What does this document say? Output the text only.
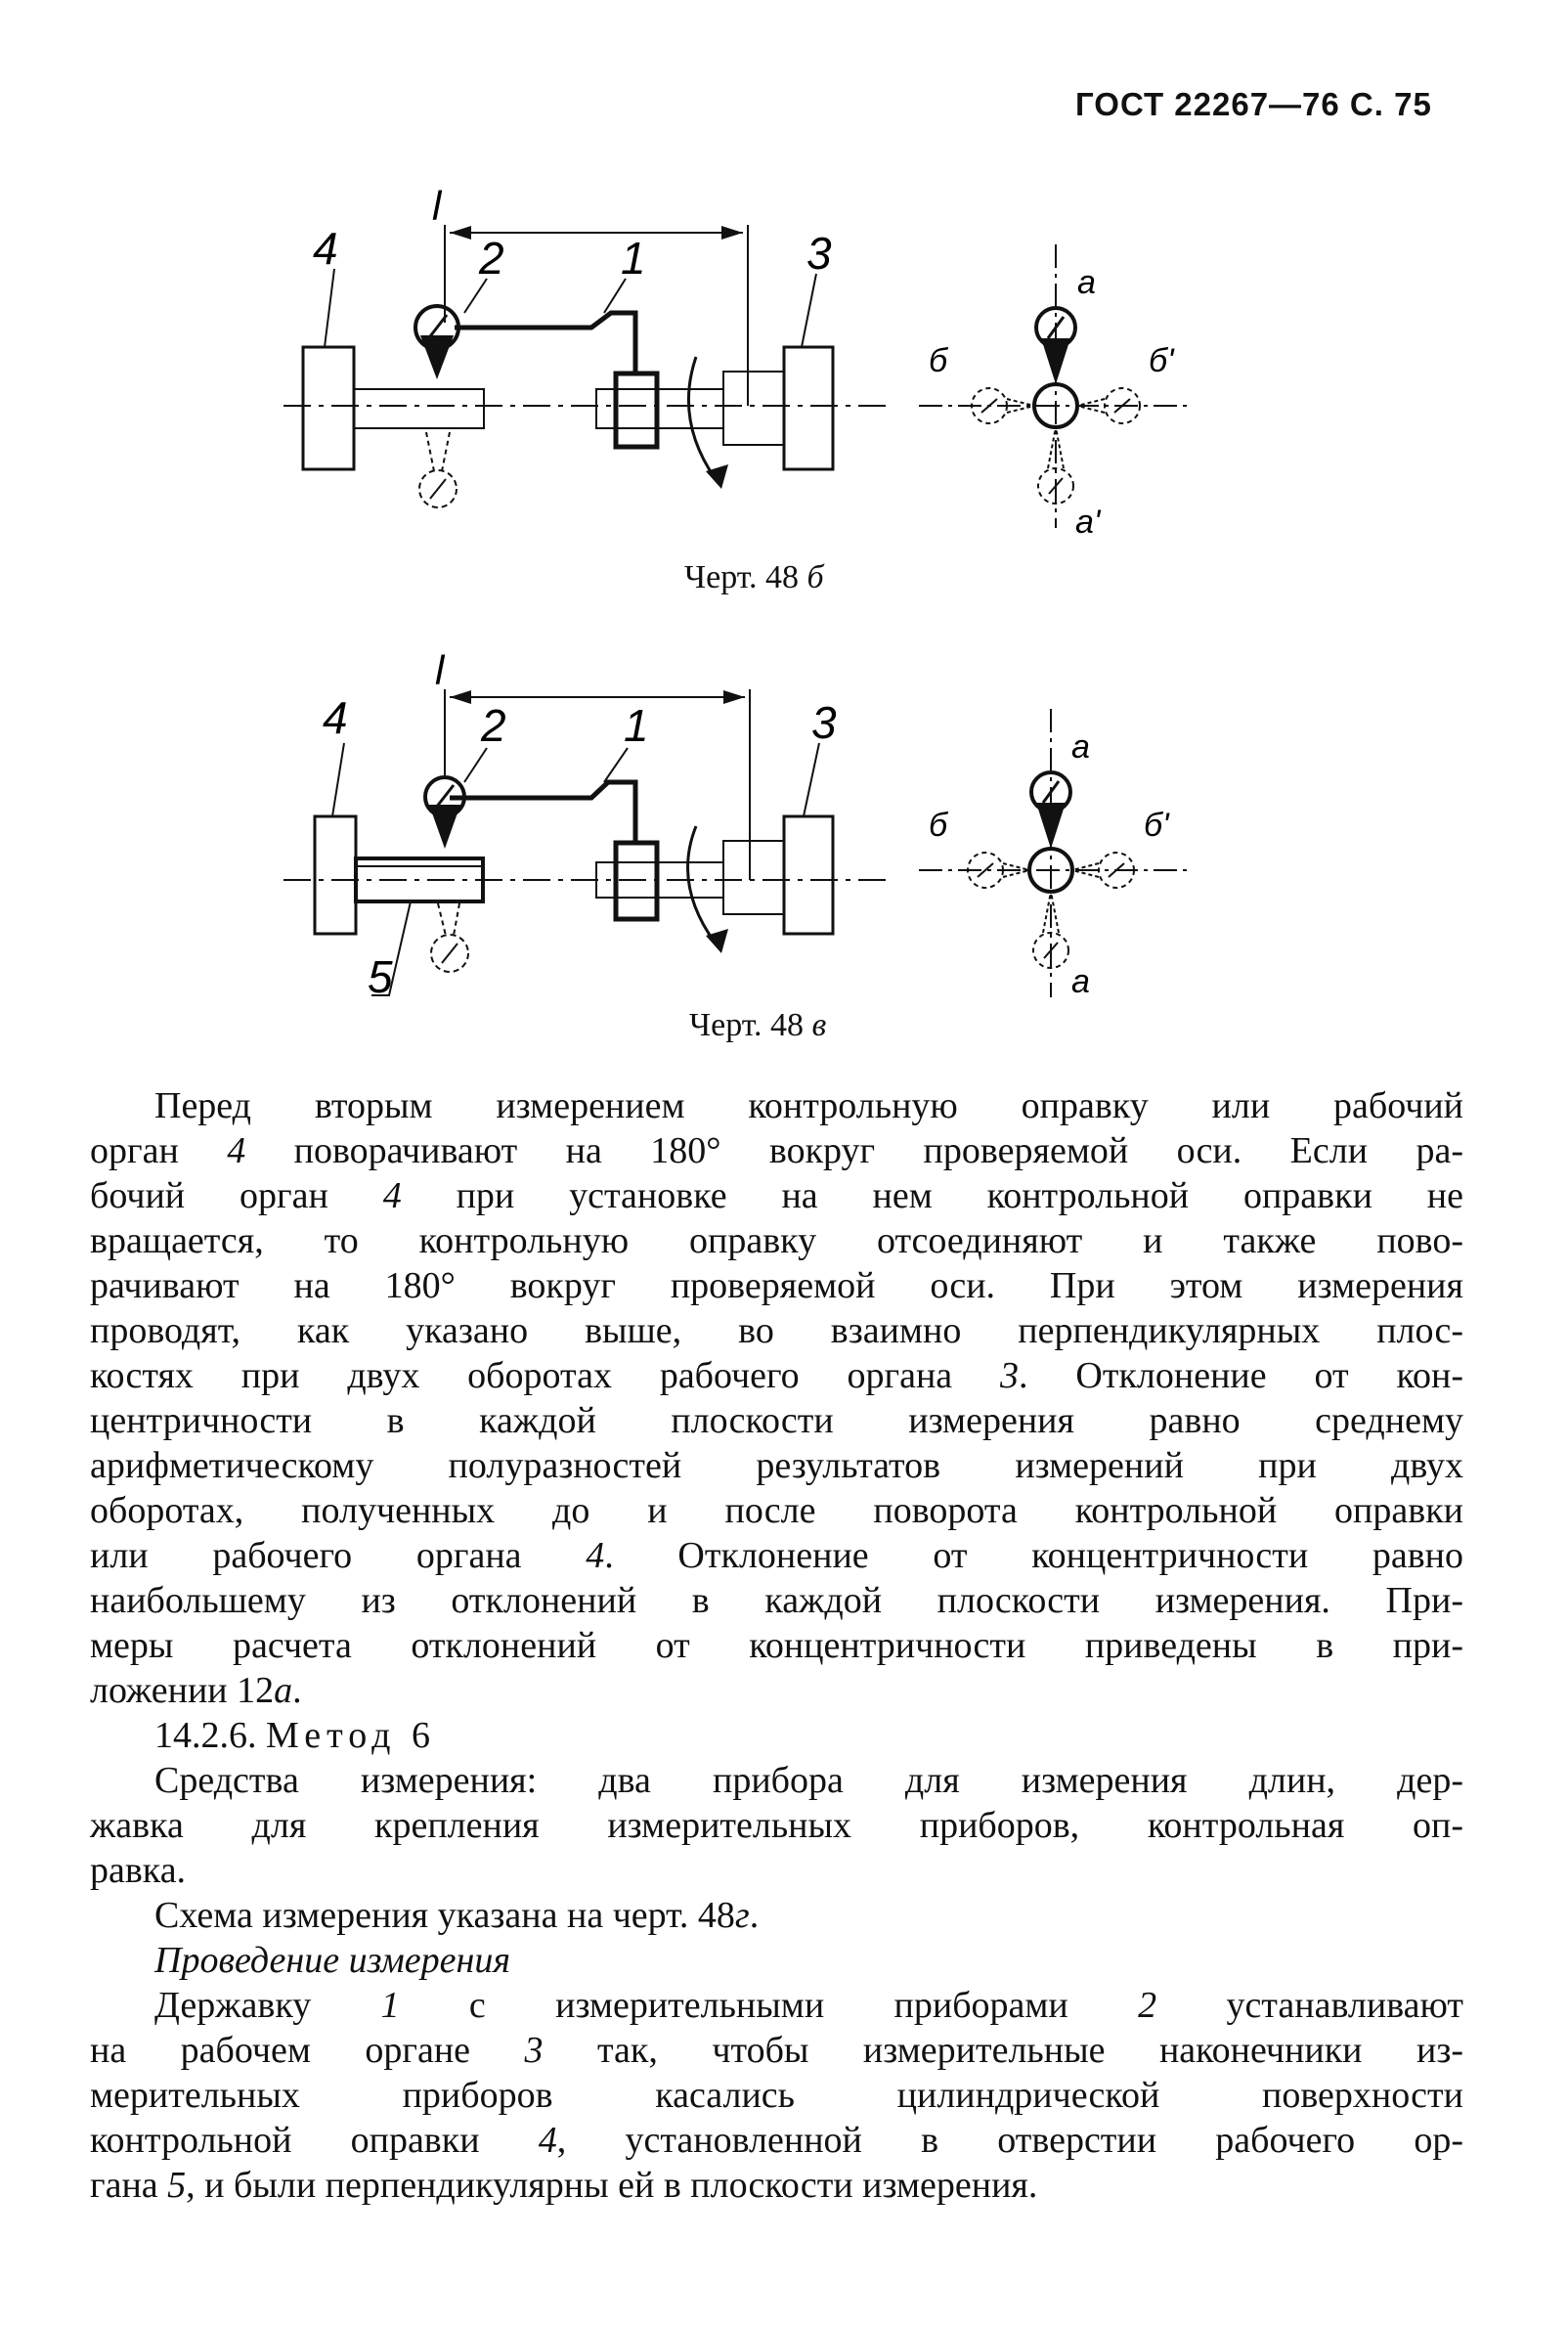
ГОСТ 22267—76 С. 75
l
4	2	1	3
а
а'
б	б'
Черт. 48 б
l
4	2	1	3
5
а
а
б	б'
Черт. 48 в
Перед вторым измерением контрольную оправку или рабочий
орган 4 поворачивают на 180° вокруг проверяемой оси. Если ра-
бочий орган 4 при установке на нем контрольной оправки не
вращается, то контрольную оправку отсоединяют и также пово-
рачивают на 180° вокруг проверяемой оси. При этом измерения
проводят, как указано выше, во взаимно перпендикулярных плос-
костях при двух оборотах рабочего органа 3. Отклонение от кон-
центричности в каждой плоскости измерения равно среднему
арифметическому полуразностей результатов измерений при двух
оборотах, полученных до и после поворота контрольной оправки
или рабочего органа 4. Отклонение от концентричности равно
наибольшему из отклонений в каждой плоскости измерения. При-
меры расчета отклонений от концентричности приведены в при-
ложении 12а.
14.2.6. Метод 6
Средства измерения: два прибора для измерения длин, дер-
жавка для крепления измерительных приборов, контрольная оп-
равка.
Схема измерения указана на черт. 48г.
Проведение измерения
Державку 1 с измерительными приборами 2 устанавливают
на рабочем органе 3 так, чтобы измерительные наконечники из-
мерительных приборов касались цилиндрической поверхности
контрольной оправки 4, установленной в отверстии рабочего ор-
гана 5, и были перпендикулярны ей в плоскости измерения.
